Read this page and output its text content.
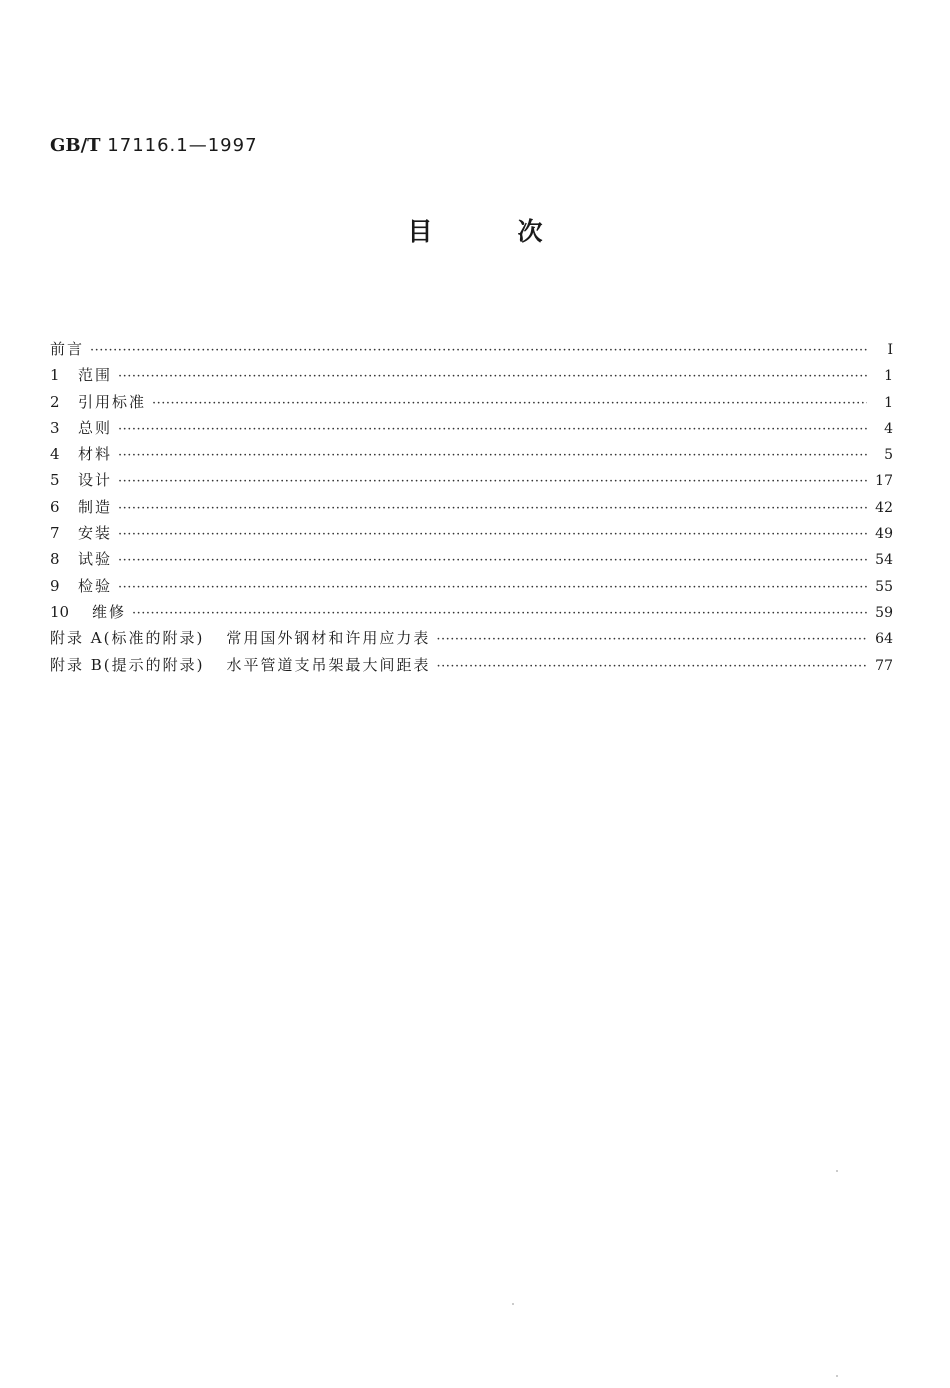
GB/T 17116.1—1997
目	次
前言 ·····	I
1	范围 ·····	1
2	引用标准 ·····	1
3	总则 ·····	4
4	材料 ·····	5
5	设计 ·····	17
6	制造 ·····	42
7	安装 ·····	49
8	试验 ·····	54
9	检验 ·····	55
10	维修 ·····	59
附录 A(标准的附录) 常用国外钢材和许用应力表 ·····	64
附录 B(提示的附录) 水平管道支吊架最大间距表 ·····	77
